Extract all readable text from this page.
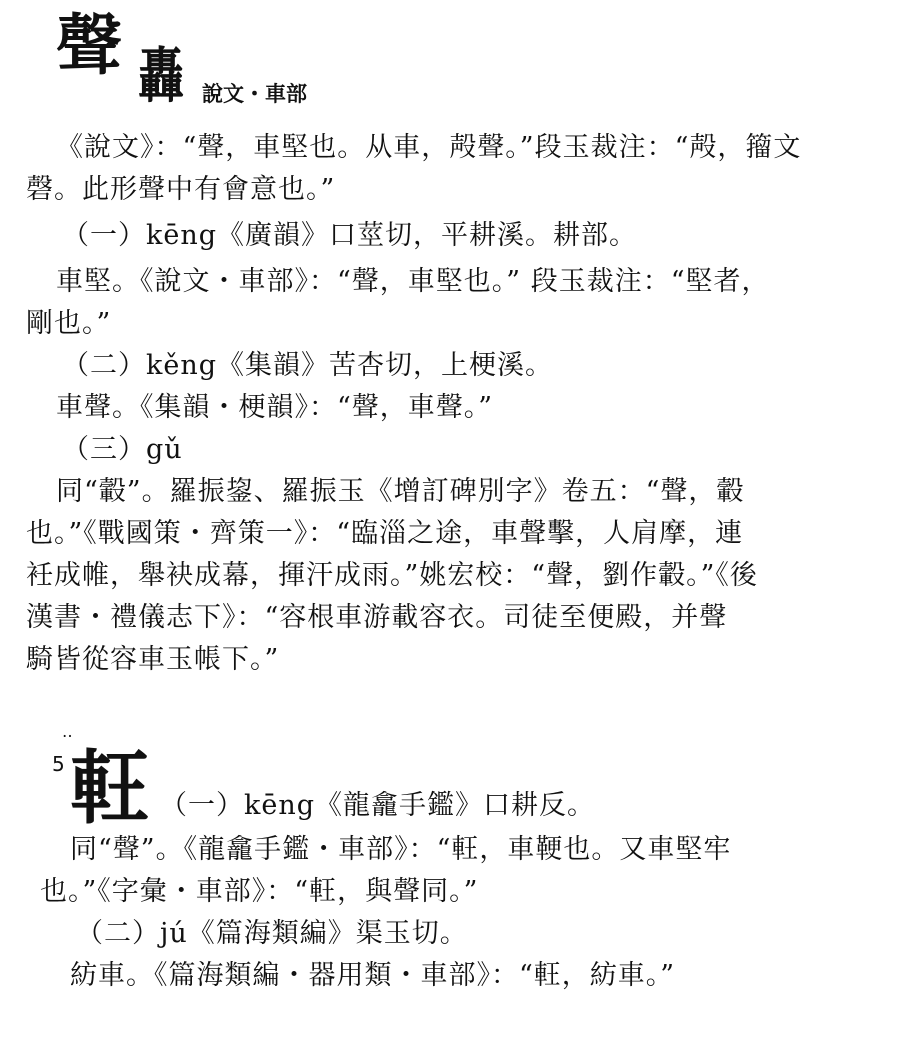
聲 轟 說文・車部
《說文》：“聲，車堅也。从車，殸聲。”段玉裁注：“殸，籀文
磬。此形聲中有會意也。”
（一）kēng《廣韻》口莖切，平耕溪。耕部。
車堅。《說文・車部》：“聲，車堅也。” 段玉裁注：“堅者，
剛也。”
（二）kěng《集韻》苦杏切，上梗溪。
車聲。《集韻・梗韻》：“聲，車聲。”
（三）gǔ
同“轂”。羅振鋆、羅振玉《增訂碑別字》卷五：“聲，轂
也。”《戰國策・齊策一》：“臨淄之途，車聲擊，人肩摩，連
衽成帷，舉袂成幕，揮汗成雨。”姚宏校：“聲，劉作轂。”《後
漢書・禮儀志下》：“容根車游載容衣。司徒至便殿，并聲
騎皆從容車玉帳下。”
‥
5 軖 （一）kēng《龍龕手鑑》口耕反。
同“聲”。《龍龕手鑑・車部》：“軖，車鞕也。又車堅牢
也。”《字彙・車部》：“軖，與聲同。”
（二）jú《篇海類編》渠玉切。
紡車。《篇海類編・器用類・車部》：“軖，紡車。”
